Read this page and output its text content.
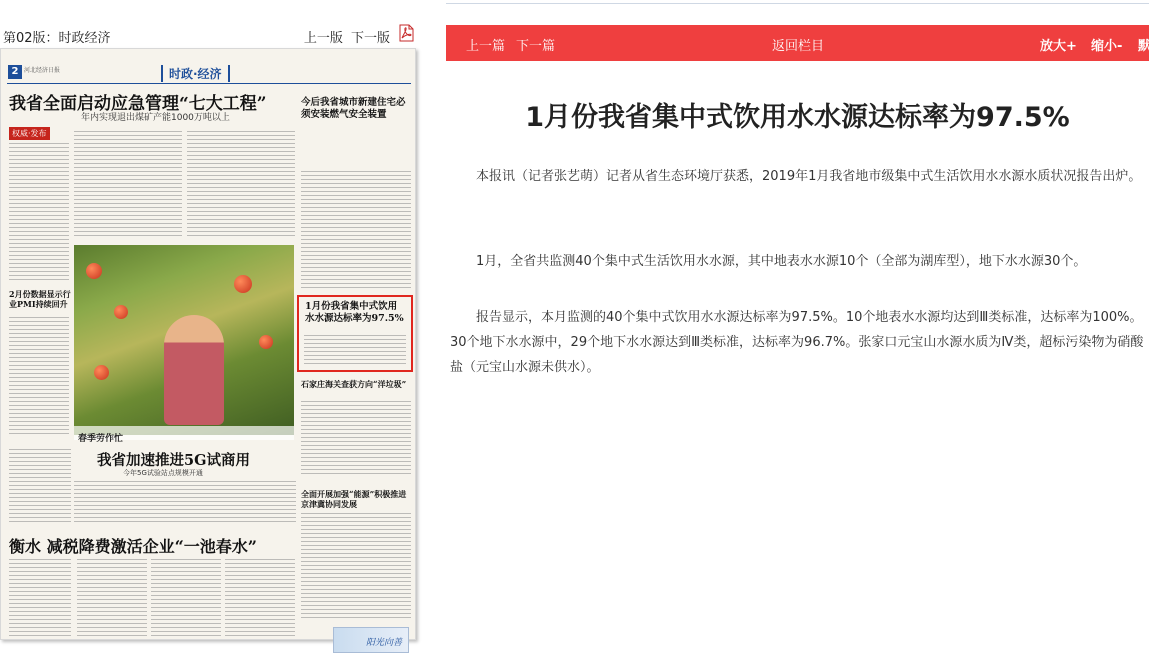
第02版：时政经济	上一版 下一版
2 河北经济日报	时政·经济
我省全面启动应急管理“七大工程”
年内实现退出煤矿产能1000万吨以上
今后我省城市新建住宅必须安装燃气安全装置
权威·发布
2月份数据显示行业PMI持续回升
春季劳作忙
1月份我省集中式饮用水水源达标率为97.5%
石家庄海关查获方向“洋垃圾”
我省加速推进5G试商用
今年5G试验站点规模开通
衡水 减税降费激活企业“一池春水”
全面开展加强“能源”积极推进京津冀协同发展
阳光向善
上一篇 下一篇	返回栏目	放大+ 缩小- 默
1月份我省集中式饮用水水源达标率为97.5%

本报讯（记者张艺萌）记者从省生态环境厅获悉，2019年1月我省地市级集中式生活饮用水水源水质状况报告出炉。

1月，全省共监测40个集中式生活饮用水水源，其中地表水水源10个（全部为湖库型），地下水水源30个。

报告显示，本月监测的40个集中式饮用水水源达标率为97.5%。10个地表水水源均达到Ⅲ类标准，达标率为100%。30个地下水水源中，29个地下水水源达到Ⅲ类标准，达标率为96.7%。张家口元宝山水源水质为Ⅳ类，超标污染物为硝酸盐（元宝山水源未供水）。
